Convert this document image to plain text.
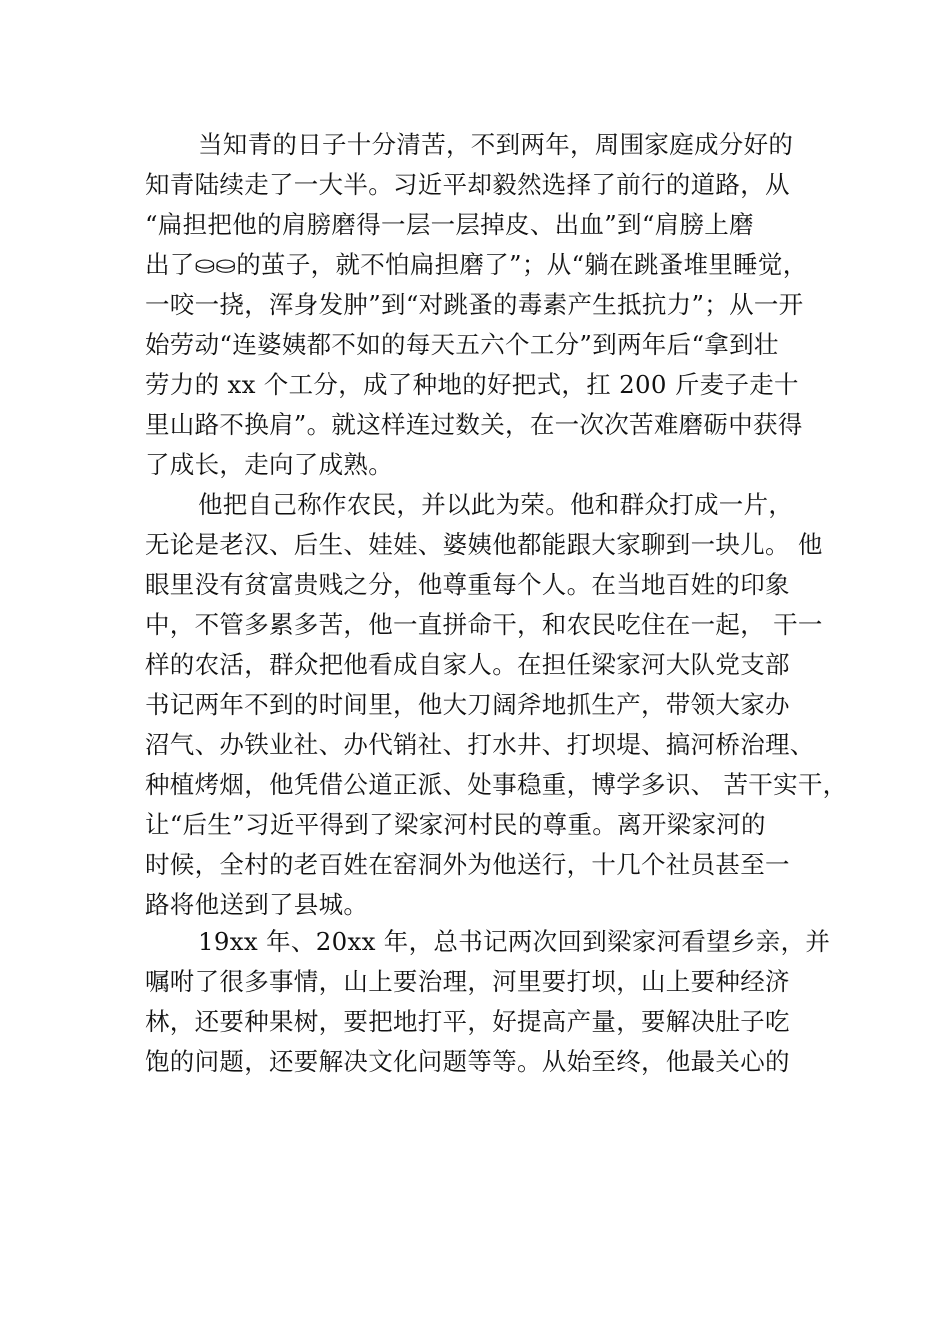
当知青的日子十分清苦，不到两年，周围家庭成分好的
知青陆续走了一大半。习近平却毅然选择了前行的道路，从
“扁担把他的肩膀磨得一层一层掉皮、出血”到“肩膀上磨
出了⛀⛀的茧子，就不怕扁担磨了”；从“躺在跳蚤堆里睡觉，
一咬一挠，浑身发肿”到“对跳蚤的毒素产生抵抗力”；从一开
始劳动“连婆姨都不如的每天五六个工分”到两年后“拿到壮
劳力的 xx 个工分，成了种地的好把式，扛 200 斤麦子走十
里山路不换肩”。就这样连过数关，在一次次苦难磨砺中获得
了成长，走向了成熟。
他把自己称作农民，并以此为荣。他和群众打成一片，
无论是老汉、后生、娃娃、婆姨他都能跟大家聊到一块儿。 他
眼里没有贫富贵贱之分，他尊重每个人。在当地百姓的印象
中，不管多累多苦，他一直拼命干，和农民吃住在一起， 干一
样的农活，群众把他看成自家人。在担任梁家河大队党支部
书记两年不到的时间里，他大刀阔斧地抓生产，带领大家办
沼气、办铁业社、办代销社、打水井、打坝堤、搞河桥治理、
种植烤烟，他凭借公道正派、处事稳重，博学多识、 苦干实干，
让“后生”习近平得到了梁家河村民的尊重。离开梁家河的
时候，全村的老百姓在窑洞外为他送行，十几个社员甚至一
路将他送到了县城。
19xx 年、20xx 年，总书记两次回到梁家河看望乡亲，并
嘱咐了很多事情，山上要治理，河里要打坝，山上要种经济
林，还要种果树，要把地打平，好提高产量，要解决肚子吃
饱的问题，还要解决文化问题等等。从始至终，他最关心的
